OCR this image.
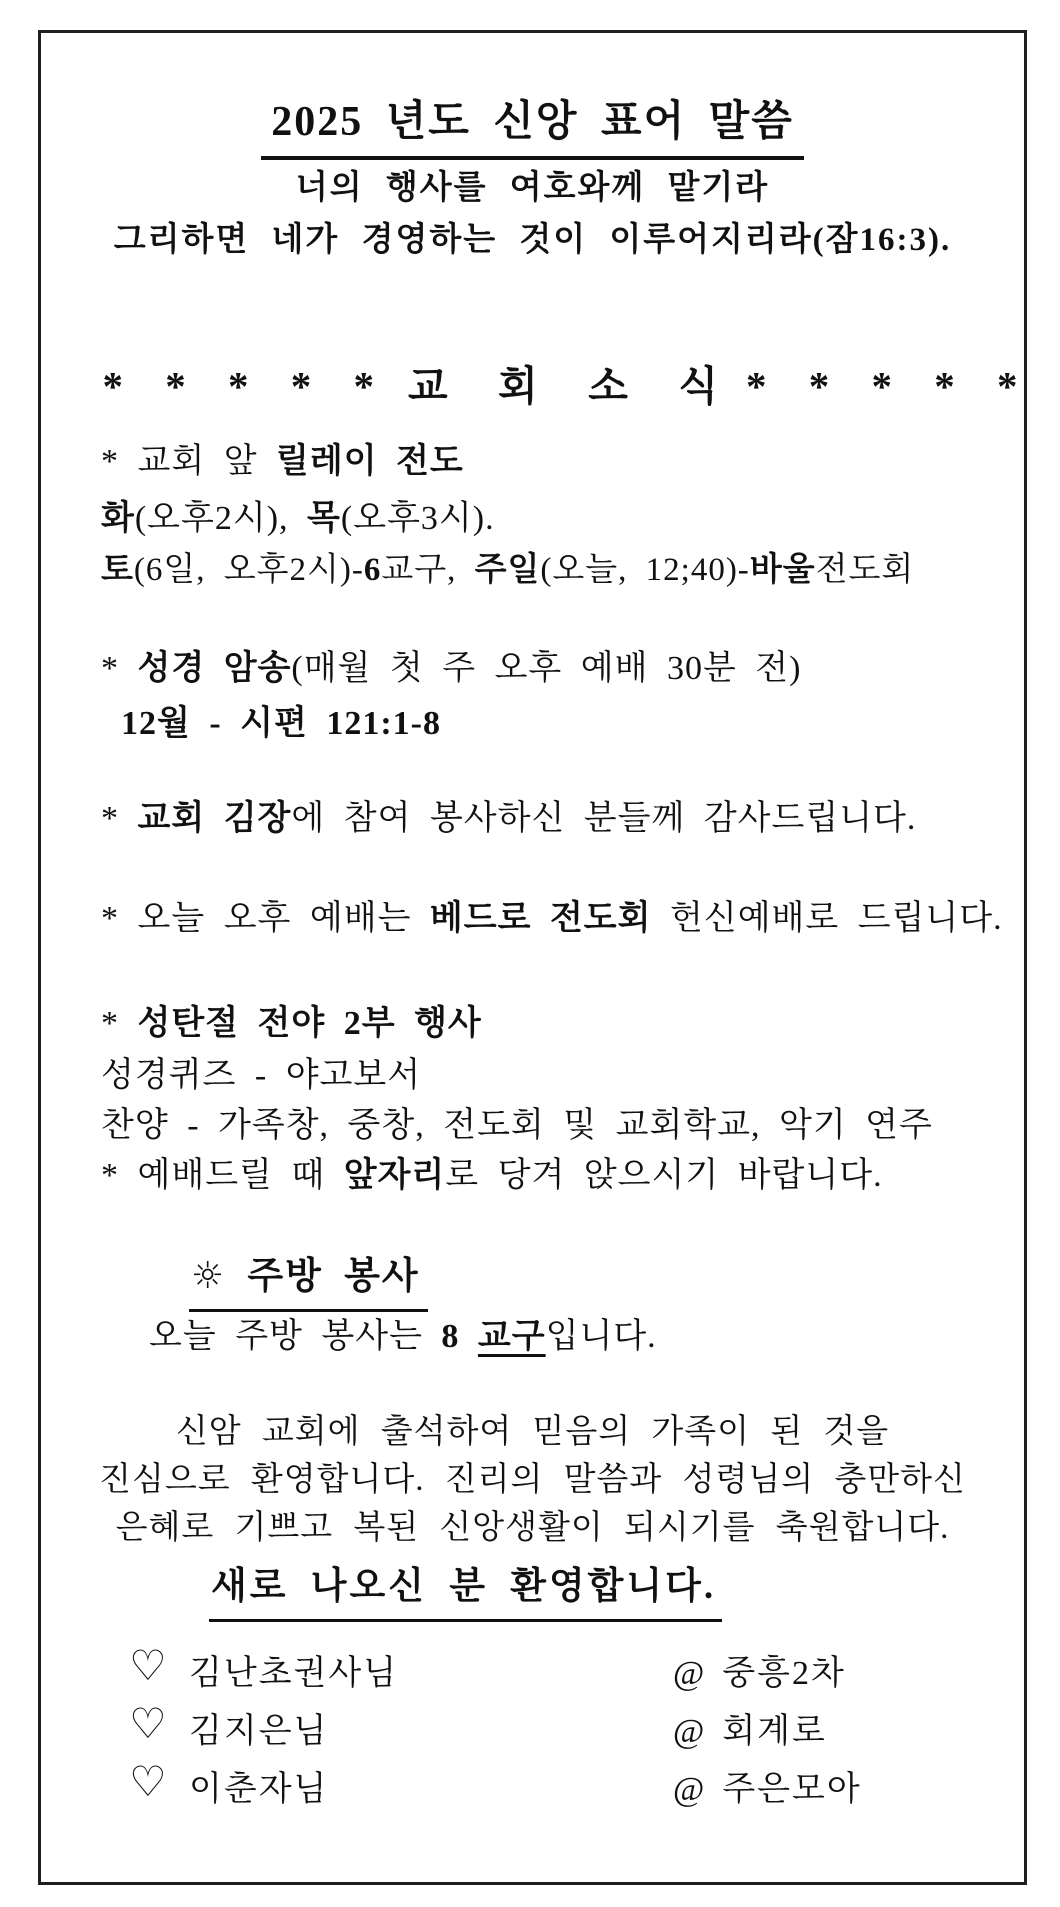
2025 년도 신앙 표어 말씀
너의 행사를 여호와께 맡기라
그리하면 네가 경영하는 것이 이루어지리라(잠16:3).

* * * * * 교  회  소  식 * * * * *

* 교회 앞 릴레이 전도
화(오후2시), 목(오후3시).
토(6일, 오후2시)-6교구, 주일(오늘, 12;40)-바울전도회
* 성경 암송(매월 첫 주 오후 예배 30분 전)
12월 - 시편 121:1-8
* 교회 김장에 참여 봉사하신 분들께 감사드립니다.
* 오늘 오후 예배는 베드로 전도회 헌신예배로 드립니다.
* 성탄절 전야 2부 행사
성경퀴즈 - 야고보서
찬양 - 가족창, 중창, 전도회 및 교회학교, 악기 연주
* 예배드릴 때 앞자리로 당겨 앉으시기 바랍니다.
☼ 주방 봉사
오늘 주방 봉사는 8 교구입니다.
신암 교회에 출석하여 믿음의 가족이 된 것을
진심으로 환영합니다. 진리의 말씀과 성령님의 충만하신
은혜로 기쁘고 복된 신앙생활이 되시기를 축원합니다.
새로 나오신 분 환영합니다.
♡ 김난초권사님	@ 중흥2차
♡ 김지은님	@ 회계로
♡ 이춘자님	@ 주은모아
